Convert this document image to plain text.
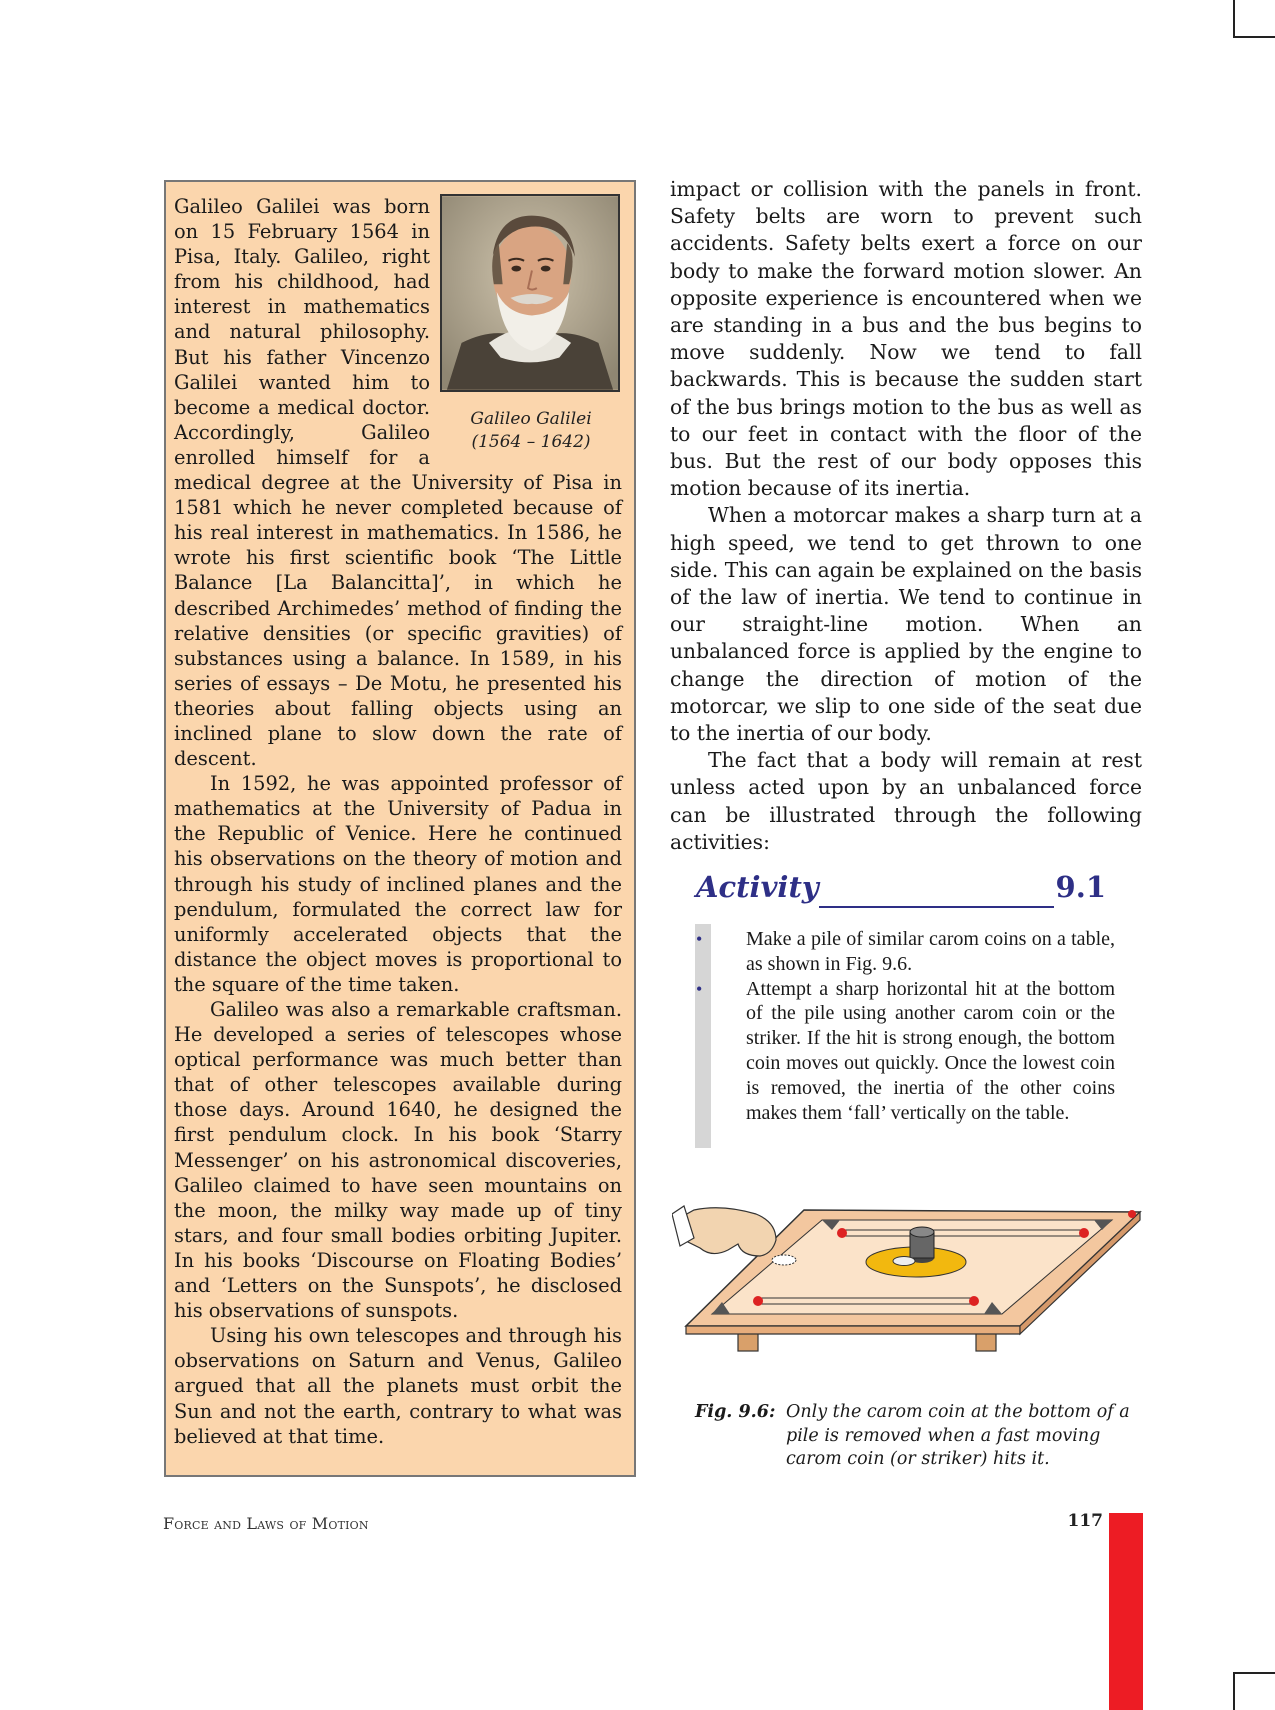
Galileo Galilei
(1564 – 1642)

Galileo Galilei was born on 15 February 1564 in Pisa, Italy. Galileo, right from his childhood, had interest in mathematics and natural philosophy. But his father Vincenzo Galilei wanted him to become a medical doctor. Accordingly, Galileo enrolled himself for a medical degree at the University of Pisa in 1581 which he never completed because of his real interest in mathematics. In 1586, he wrote his first scientific book ‘The Little Balance [La Balancitta]’, in which he described Archimedes’ method of finding the relative densities (or specific gravities) of substances using a balance. In 1589, in his series of essays – De Motu, he presented his theories about falling objects using an inclined plane to slow down the rate of descent.

In 1592, he was appointed professor of mathematics at the University of Padua in the Republic of Venice. Here he continued his observations on the theory of motion and through his study of inclined planes and the pendulum, formulated the correct law for uniformly accelerated objects that the distance the object moves is proportional to the square of the time taken.

Galileo was also a remarkable craftsman. He developed a series of telescopes whose optical performance was much better than that of other telescopes available during those days. Around 1640, he designed the first pendulum clock. In his book ‘Starry Messenger’ on his astronomical discoveries, Galileo claimed to have seen mountains on the moon, the milky way made up of tiny stars, and four small bodies orbiting Jupiter. In his books ‘Discourse on Floating Bodies’ and ‘Letters on the Sunspots’, he disclosed his observations of sunspots.

Using his own telescopes and through his observations on Saturn and Venus, Galileo argued that all the planets must orbit the Sun and not the earth, contrary to what was believed at that time.

impact or collision with the panels in front. Safety belts are worn to prevent such accidents. Safety belts exert a force on our body to make the forward motion slower. An opposite experience is encountered when we are standing in a bus and the bus begins to move suddenly. Now we tend to fall backwards. This is because the sudden start of the bus brings motion to the bus as well as to our feet in contact with the floor of the bus. But the rest of our body opposes this motion because of its inertia.

When a motorcar makes a sharp turn at a high speed, we tend to get thrown to one side. This can again be explained on the basis of the law of inertia. We tend to continue in our straight-line motion. When an unbalanced force is applied by the engine to change the direction of motion of the motorcar, we slip to one side of the seat due to the inertia of our body.

The fact that a body will remain at rest unless acted upon by an unbalanced force can be illustrated through the following activities:

Activity	9.1
• Make a pile of similar carom coins on a table, as shown in Fig. 9.6.
• Attempt a sharp horizontal hit at the bottom of the pile using another carom coin or the striker. If the hit is strong enough, the bottom coin moves out quickly. Once the lowest coin is removed, the inertia of the other coins makes them ‘fall’ vertically on the table.
Fig. 9.6: Only the carom coin at the bottom of a pile is removed when a fast moving carom coin (or striker) hits it.
Force and Laws of Motion	117
